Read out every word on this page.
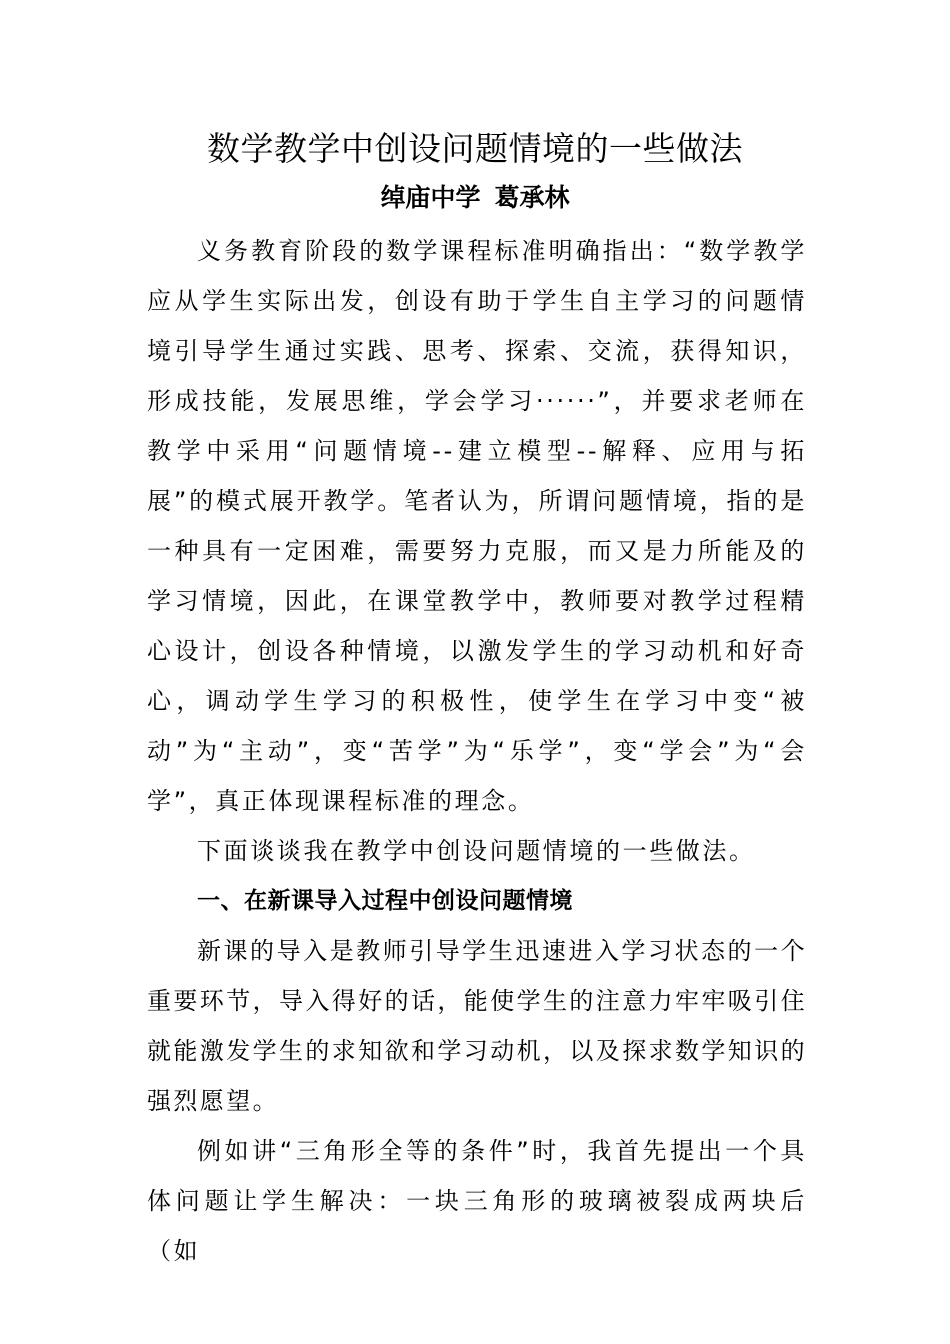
数学教学中创设问题情境的一些做法

绰庙中学 葛承林

义务教育阶段的数学课程标准明确指出：“数学教学应从学生实际出发，创设有助于学生自主学习的问题情境引导学生通过实践、思考、探索、交流，获得知识，形成技能，发展思维，学会学习······”，并要求老师在教学中采用“问题情境--建立模型--解释、应用与拓展”的模式展开教学。笔者认为，所谓问题情境，指的是一种具有一定困难，需要努力克服，而又是力所能及的学习情境，因此，在课堂教学中，教师要对教学过程精心设计，创设各种情境，以激发学生的学习动机和好奇心，调动学生学习的积极性，使学生在学习中变“被动”为“主动”，变“苦学”为“乐学”，变“学会”为“会学”，真正体现课程标准的理念。

下面谈谈我在教学中创设问题情境的一些做法。

一、在新课导入过程中创设问题情境

新课的导入是教师引导学生迅速进入学习状态的一个重要环节，导入得好的话，能使学生的注意力牢牢吸引住就能激发学生的求知欲和学习动机，以及探求数学知识的强烈愿望。

例如讲“三角形全等的条件”时，我首先提出一个具体问题让学生解决：一块三角形的玻璃被裂成两块后（如
